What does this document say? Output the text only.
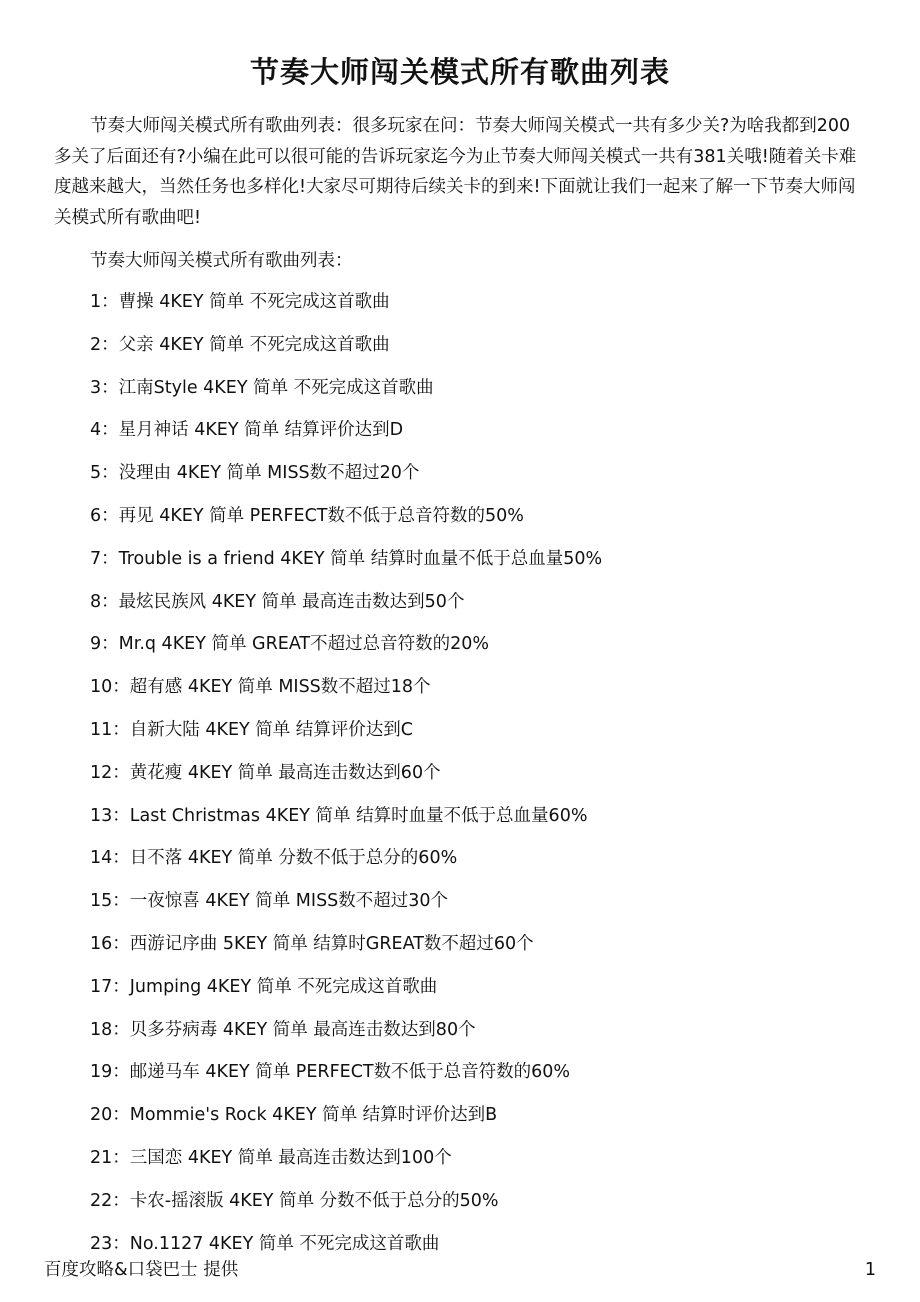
节奏大师闯关模式所有歌曲列表

节奏大师闯关模式所有歌曲列表：很多玩家在问：节奏大师闯关模式一共有多少关?为啥我都到200多关了后面还有?小编在此可以很可能的告诉玩家迄今为止节奏大师闯关模式一共有381关哦!随着关卡难度越来越大，当然任务也多样化!大家尽可期待后续关卡的到来!下面就让我们一起来了解一下节奏大师闯关模式所有歌曲吧!

节奏大师闯关模式所有歌曲列表：
1：曹操 4KEY 简单 不死完成这首歌曲
2：父亲 4KEY 简单 不死完成这首歌曲
3：江南Style 4KEY 简单 不死完成这首歌曲
4：星月神话 4KEY 简单 结算评价达到D
5：没理由 4KEY 简单 MISS数不超过20个
6：再见 4KEY 简单 PERFECT数不低于总音符数的50%
7：Trouble is a friend 4KEY 简单 结算时血量不低于总血量50%
8：最炫民族风 4KEY 简单 最高连击数达到50个
9：Mr.q 4KEY 简单 GREAT不超过总音符数的20%
10：超有感 4KEY 简单 MISS数不超过18个
11：自新大陆 4KEY 简单 结算评价达到C
12：黄花瘦 4KEY 简单 最高连击数达到60个
13：Last Christmas 4KEY 简单 结算时血量不低于总血量60%
14：日不落 4KEY 简单 分数不低于总分的60%
15：一夜惊喜 4KEY 简单 MISS数不超过30个
16：西游记序曲 5KEY 简单 结算时GREAT数不超过60个
17：Jumping 4KEY 简单 不死完成这首歌曲
18：贝多芬病毒 4KEY 简单 最高连击数达到80个
19：邮递马车 4KEY 简单 PERFECT数不低于总音符数的60%
20：Mommie's Rock 4KEY 简单 结算时评价达到B
21：三国恋 4KEY 简单 最高连击数达到100个
22：卡农-摇滚版 4KEY 简单 分数不低于总分的50%
23：No.1127 4KEY 简单 不死完成这首歌曲
百度攻略&口袋巴士 提供	1
